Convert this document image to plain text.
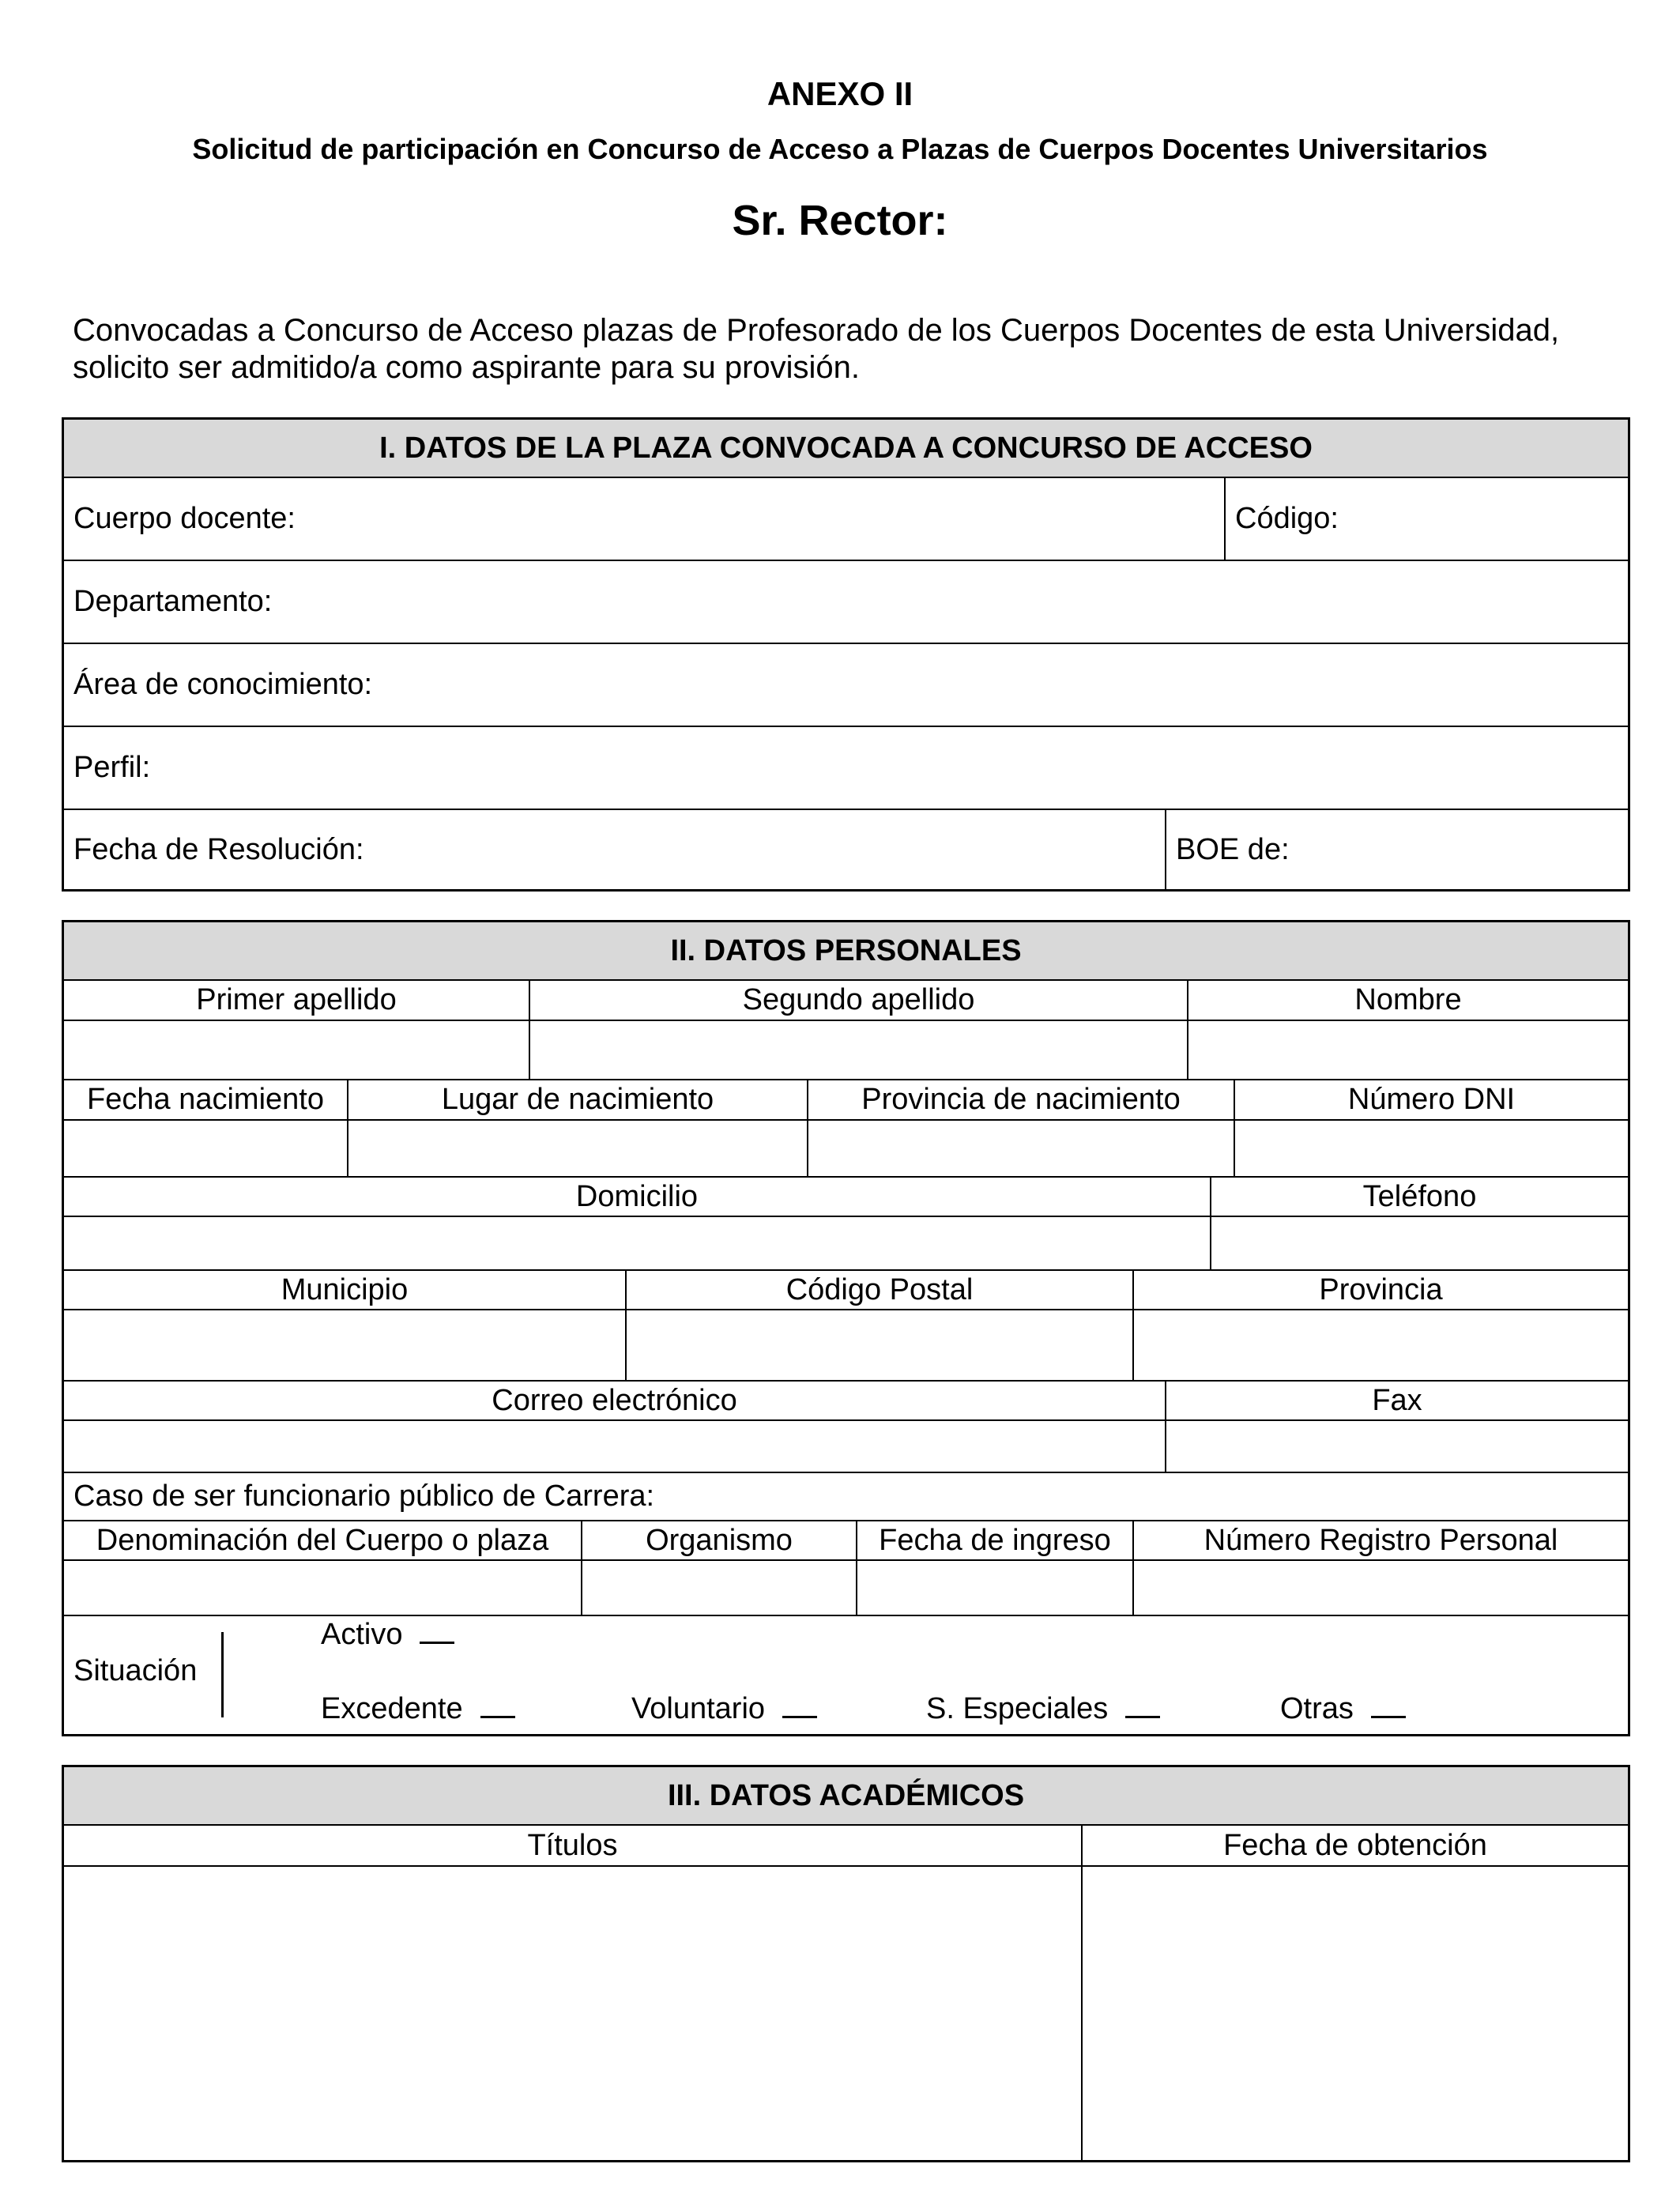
ANEXO II
Solicitud de participación en Concurso de Acceso a Plazas de Cuerpos Docentes Universitarios
Sr. Rector:
Convocadas a Concurso de Acceso plazas de Profesorado de los Cuerpos Docentes de esta Universidad, solicito ser admitido/a como aspirante para su provisión.
I. DATOS DE LA PLAZA CONVOCADA A CONCURSO DE ACCESO
Cuerpo docente:	Código:
Departamento:
Área de conocimiento:
Perfil:
Fecha de Resolución:	BOE de:
II. DATOS PERSONALES
Primer apellido	Segundo apellido	Nombre
Fecha nacimiento	Lugar de nacimiento	Provincia de nacimiento	Número DNI
Domicilio	Teléfono
Municipio	Código Postal	Provincia
Correo electrónico	Fax
Caso de ser funcionario público de Carrera:
Denominación del Cuerpo o plaza	Organismo	Fecha de ingreso	Número Registro Personal
Situación
Activo
Excedente	Voluntario	S. Especiales	Otras
III. DATOS ACADÉMICOS
Títulos	Fecha de obtención
